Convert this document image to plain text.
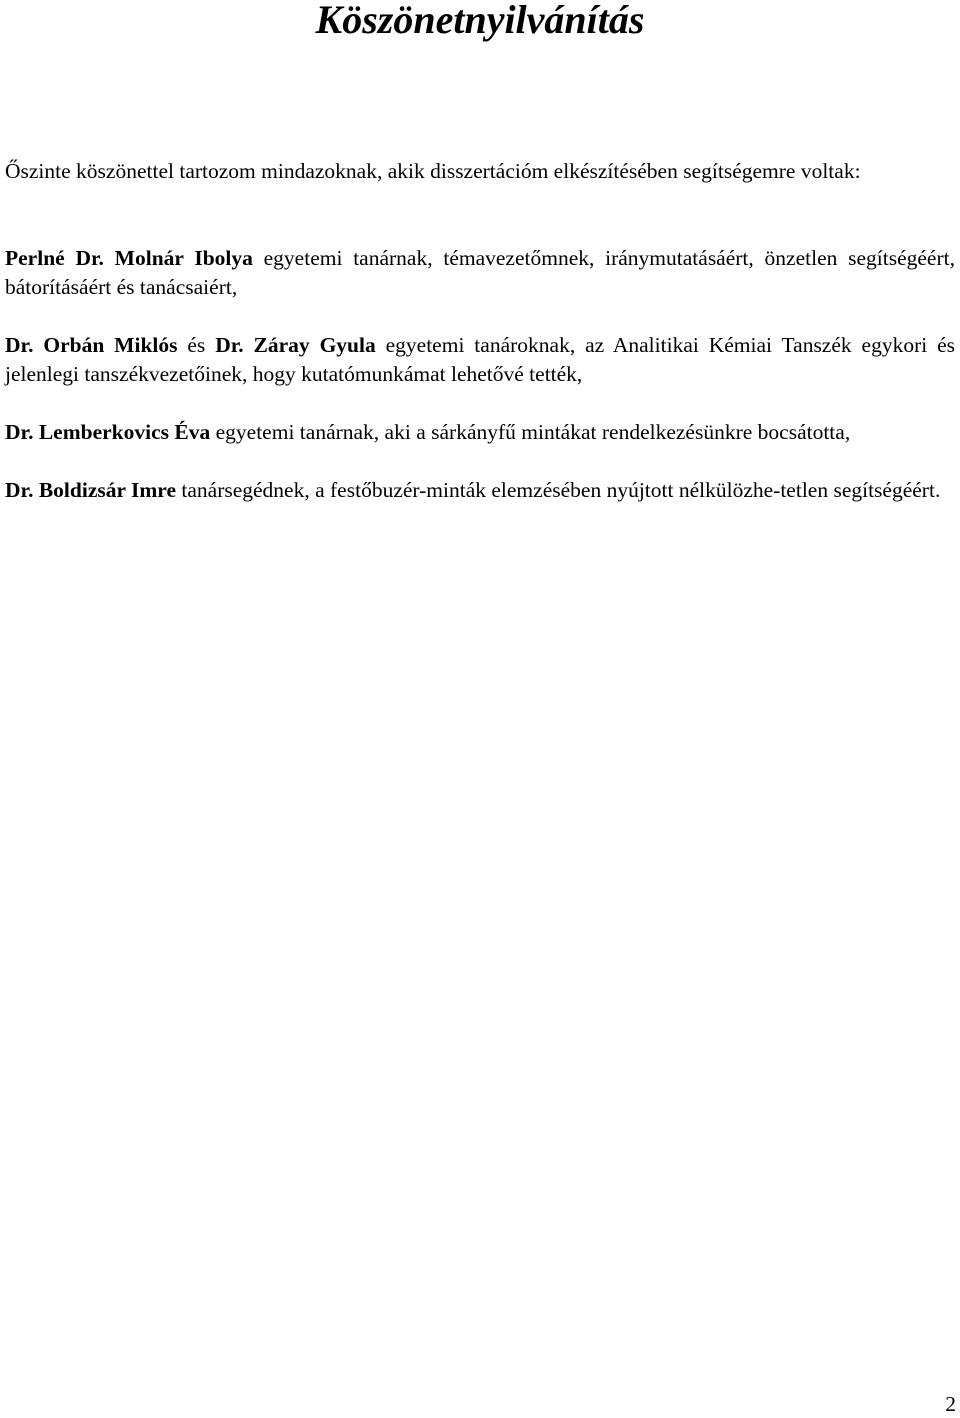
Köszönetnyilvánítás

Őszinte köszönettel tartozom mindazoknak, akik disszertációm elkészítésében segítségemre voltak:

Perlné Dr. Molnár Ibolya egyetemi tanárnak, témavezetőmnek, iránymutatásáért, önzetlen segítségéért, bátorításáért és tanácsaiért,

Dr. Orbán Miklós és Dr. Záray Gyula egyetemi tanároknak, az Analitikai Kémiai Tanszék egykori és jelenlegi tanszékvezetőinek, hogy kutatómunkámat lehetővé tették,

Dr. Lemberkovics Éva egyetemi tanárnak, aki a sárkányfű mintákat rendelkezésünkre bocsátotta,

Dr. Boldizsár Imre tanársegédnek, a festőbuzér-minták elemzésében nyújtott nélkülözhe-tetlen segítségéért.

2
